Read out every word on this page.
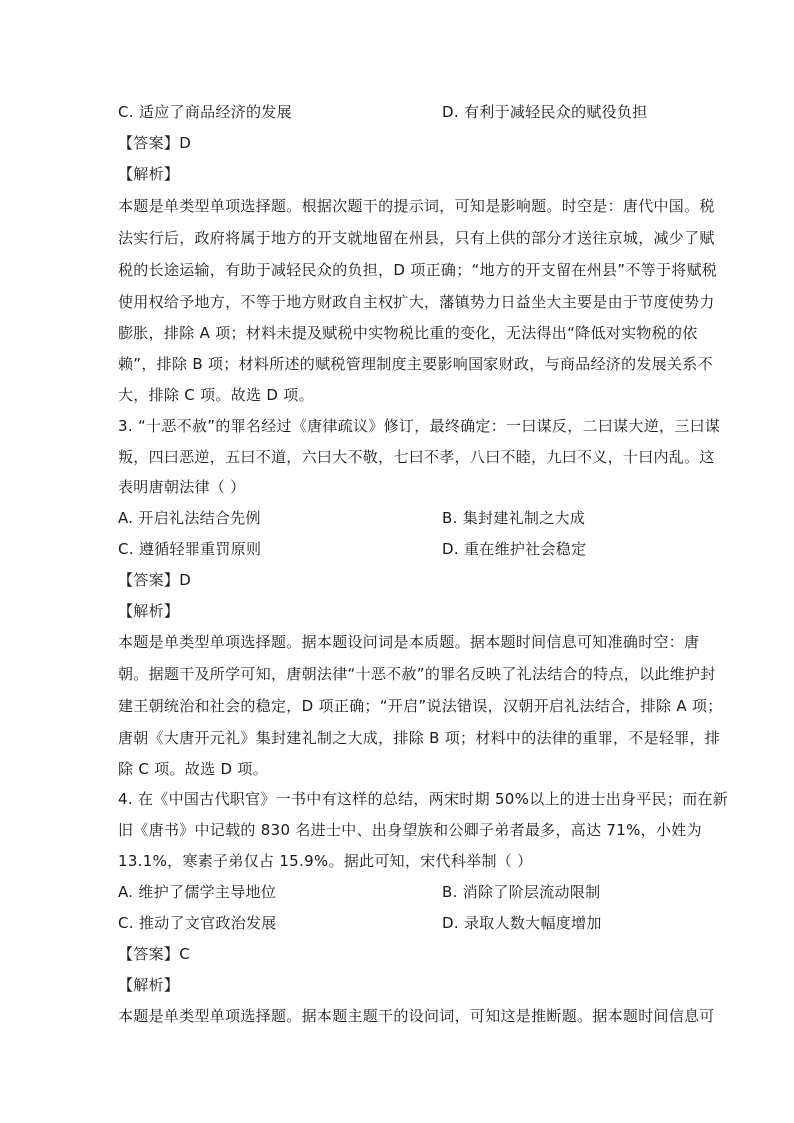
C. 适应了商品经济的发展	D. 有利于减轻民众的赋役负担
【答案】D
【解析】
本题是单类型单项选择题。根据次题干的提示词，可知是影响题。时空是：唐代中国。税
法实行后，政府将属于地方的开支就地留在州县，只有上供的部分才送往京城，减少了赋
税的长途运输，有助于减轻民众的负担，D 项正确；“地方的开支留在州县”不等于将赋税
使用权给予地方，不等于地方财政自主权扩大，藩镇势力日益坐大主要是由于节度使势力
膨胀，排除 A 项；材料未提及赋税中实物税比重的变化，无法得出“降低对实物税的依
赖”，排除 B 项；材料所述的赋税管理制度主要影响国家财政，与商品经济的发展关系不
大，排除 C 项。故选 D 项。
3. “十恶不赦”的罪名经过《唐律疏议》修订，最终确定：一曰谋反，二曰谋大逆，三曰谋
叛，四曰恶逆，五曰不道，六曰大不敬，七曰不孝，八曰不睦，九曰不义，十曰内乱。这
表明唐朝法律（ ）
A. 开启礼法结合先例	B. 集封建礼制之大成
C. 遵循轻罪重罚原则	D. 重在维护社会稳定
【答案】D
【解析】
本题是单类型单项选择题。据本题设问词是本质题。据本题时间信息可知准确时空：唐
朝。据题干及所学可知，唐朝法律“十恶不赦”的罪名反映了礼法结合的特点，以此维护封
建王朝统治和社会的稳定，D 项正确；“开启”说法错误，汉朝开启礼法结合，排除 A 项；
唐朝《大唐开元礼》集封建礼制之大成，排除 B 项；材料中的法律的重罪，不是轻罪，排
除 C 项。故选 D 项。
4. 在《中国古代职官》一书中有这样的总结，两宋时期 50%以上的进士出身平民；而在新
旧《唐书》中记载的 830 名进士中、出身望族和公卿子弟者最多，高达 71%，小姓为
13.1%，寒素子弟仅占 15.9%。据此可知，宋代科举制（ ）
A. 维护了儒学主导地位	B. 消除了阶层流动限制
C. 推动了文官政治发展	D. 录取人数大幅度增加
【答案】C
【解析】
本题是单类型单项选择题。据本题主题干的设问词，可知这是推断题。据本题时间信息可
